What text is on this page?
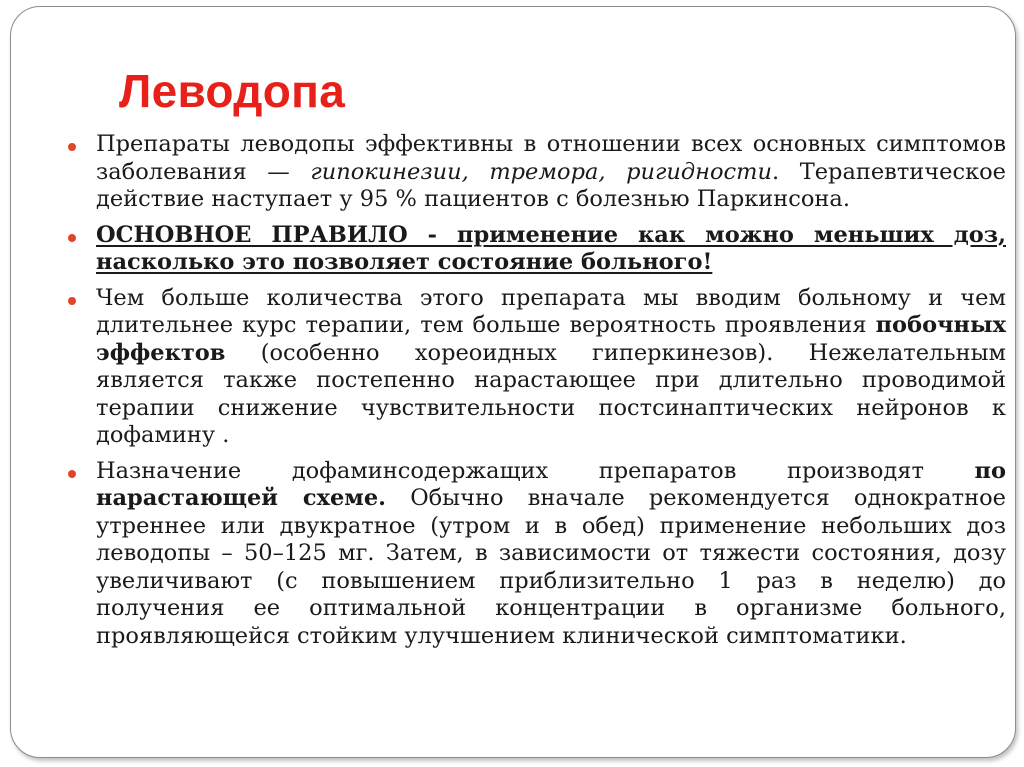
Леводопа
Препараты леводопы эффективны в отношении всех основных симптомов заболевания — гипокинезии, тремора, ригидности. Терапевтическое действие наступает у 95 % пациентов с болезнью Паркинсона.
ОСНОВНОЕ ПРАВИЛО - применение как можно меньших доз, насколько это позволяет состояние больного!
Чем больше количества этого препарата мы вводим больному и чем длительнее курс терапии, тем больше вероятность проявления побочных эффектов (особенно хореоидных гиперкинезов). Нежелательным является также постепенно нарастающее при длительно проводимой терапии снижение чувствительности постсинаптических нейронов к дофамину .
Назначение дофаминсодержащих препаратов производят по нарастающей схеме. Обычно вначале рекомендуется однократное утреннее или двукратное (утром и в обед) применение небольших доз леводопы – 50–125 мг. Затем, в зависимости от тяжести состояния, дозу увеличивают (с повышением приблизительно 1 раз в неделю) до получения ее оптимальной концентрации в организме больного, проявляющейся стойким улучшением клинической симптоматики.
